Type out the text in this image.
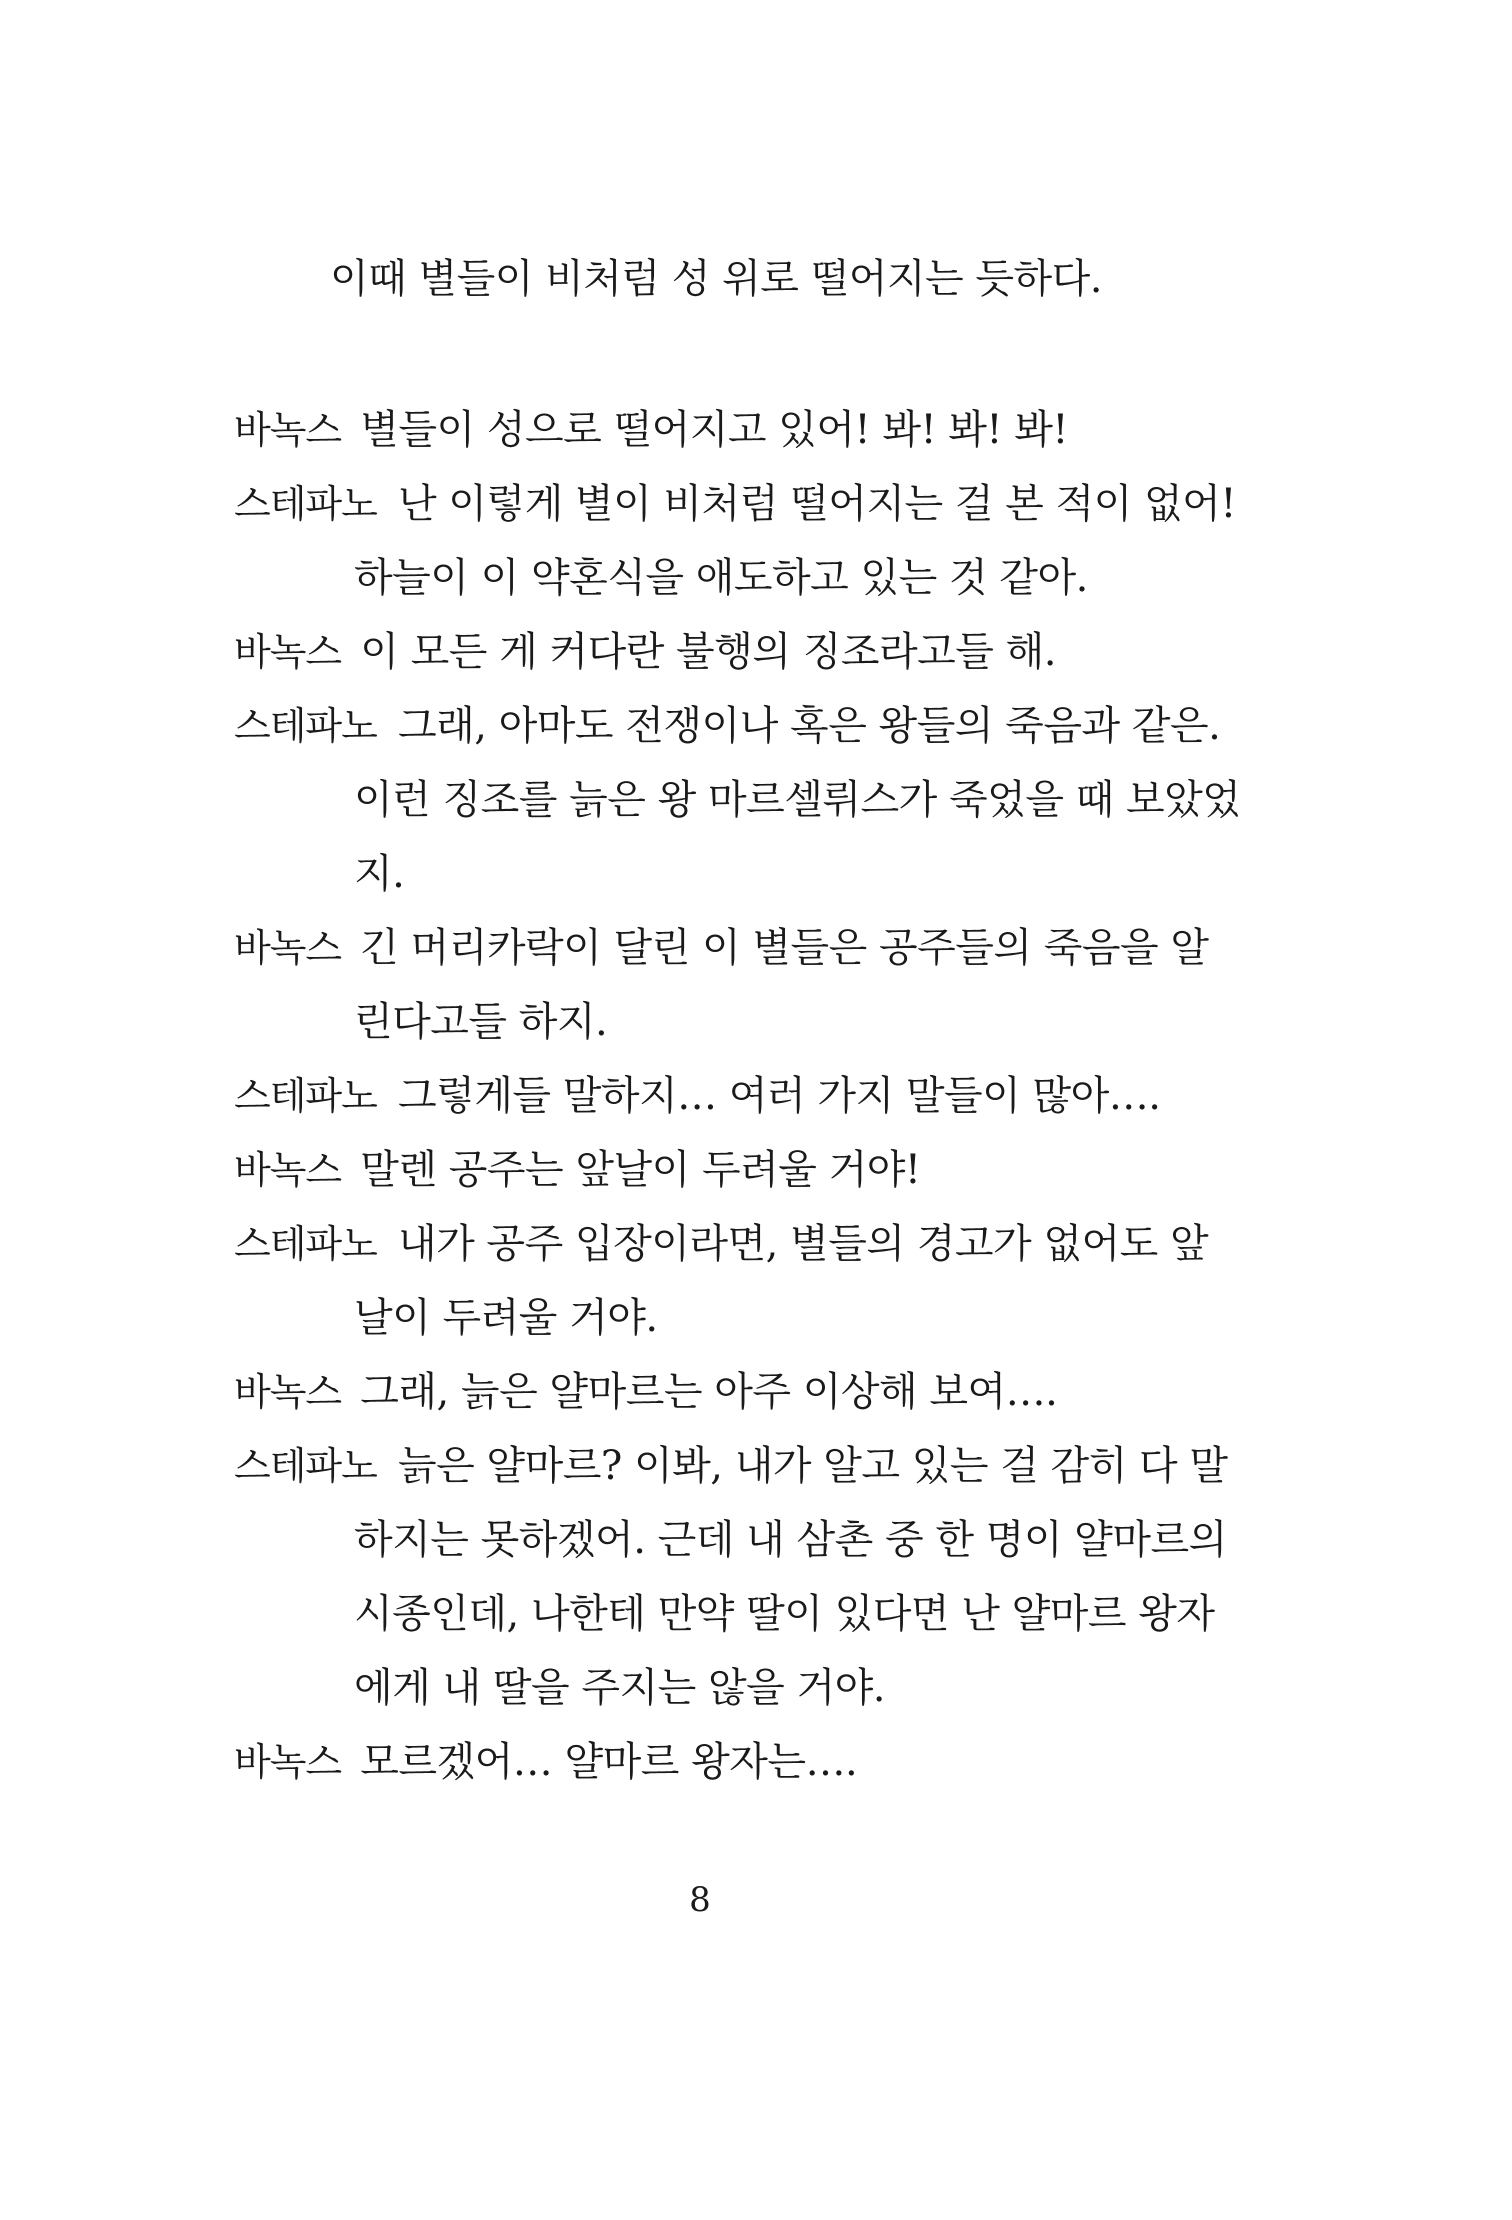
이때 별들이 비처럼 성 위로 떨어지는 듯하다.
바녹스 별들이 성으로 떨어지고 있어! 봐! 봐! 봐!
스테파노 난 이렇게 별이 비처럼 떨어지는 걸 본 적이 없어!
하늘이 이 약혼식을 애도하고 있는 것 같아.
바녹스 이 모든 게 커다란 불행의 징조라고들 해.
스테파노 그래, 아마도 전쟁이나 혹은 왕들의 죽음과 같은.
이런 징조를 늙은 왕 마르셀뤼스가 죽었을 때 보았었
지.
바녹스 긴 머리카락이 달린 이 별들은 공주들의 죽음을 알
린다고들 하지.
스테파노 그렇게들 말하지… 여러 가지 말들이 많아….
바녹스 말렌 공주는 앞날이 두려울 거야!
스테파노 내가 공주 입장이라면, 별들의 경고가 없어도 앞
날이 두려울 거야.
바녹스 그래, 늙은 얄마르는 아주 이상해 보여….
스테파노 늙은 얄마르? 이봐, 내가 알고 있는 걸 감히 다 말
하지는 못하겠어. 근데 내 삼촌 중 한 명이 얄마르의
시종인데, 나한테 만약 딸이 있다면 난 얄마르 왕자
에게 내 딸을 주지는 않을 거야.
바녹스 모르겠어… 얄마르 왕자는….
8
